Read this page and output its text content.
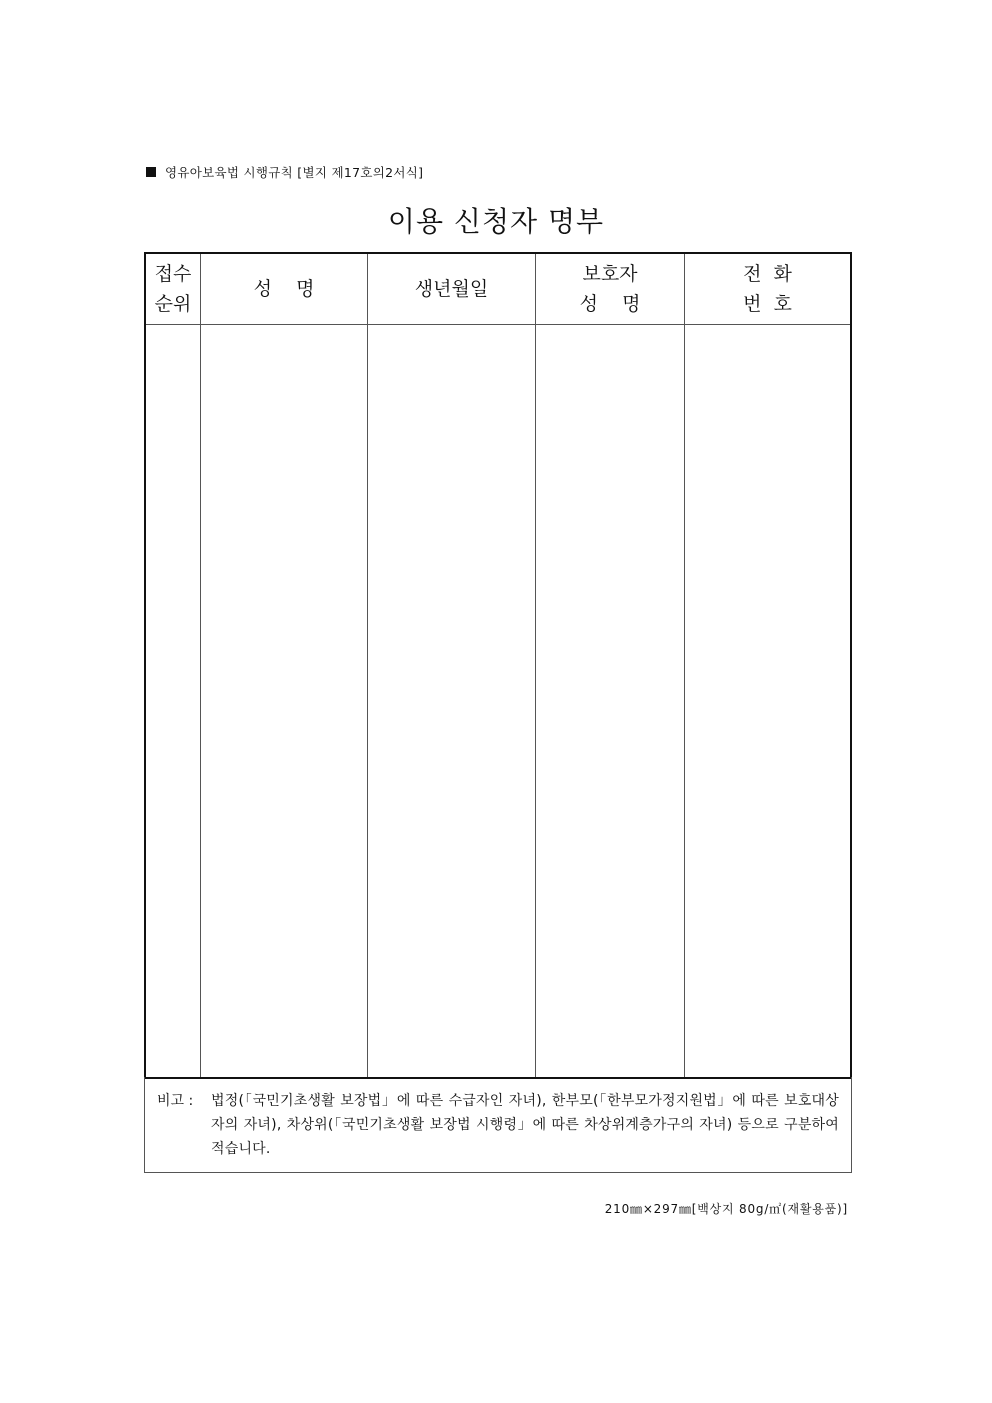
영유아보육법 시행규칙 [별지 제17호의2서식]
이용 신청자 명부
접수
순위
성    명	생년월일
보호자
성    명
전  화
번  호
비고 : 법정(「국민기초생활 보장법」에 따른 수급자인 자녀), 한부모(「한부모가정지원법」에 따른 보호대상자의 자녀), 차상위(「국민기초생활 보장법 시행령」에 따른 차상위계층가구의 자녀) 등으로 구분하여 적습니다.
210㎜×297㎜[백상지 80g/㎡(재활용품)]
